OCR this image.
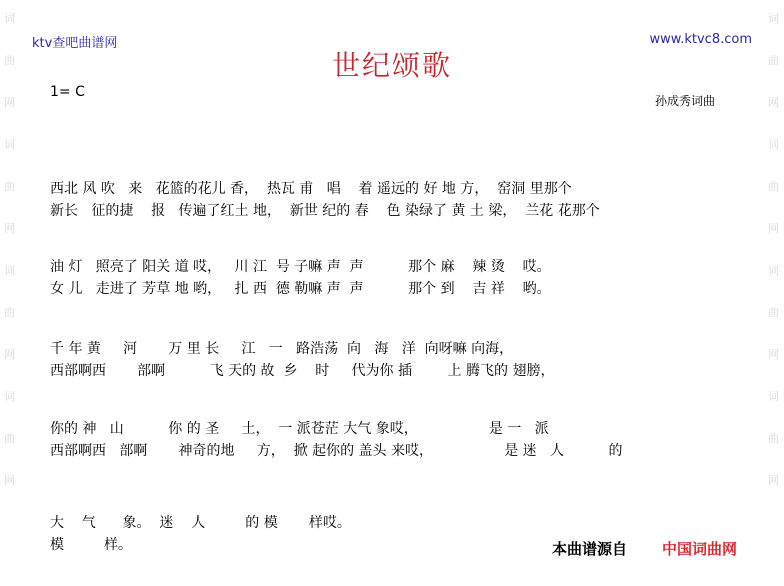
词
曲
网
词
曲
网
词
曲
网
词
曲
网
词
曲
网
词
曲
网
词
曲
网
词
曲
网
ktv查吧曲谱网	www.ktvc8.com
世纪颂歌
1= C
孙成秀词曲
西北 风 吹   来   花篮的花儿 香，  热瓦 甫   唱    着 遥远的 好 地 方，  窑洞 里那个
新长   征的捷    报   传遍了红土 地，  新世 纪的 春    色 染绿了 黄 土 梁，  兰花 花那个
油 灯   照亮了 阳关 道 哎，   川 江  号 子嘛 声  声          那个 麻    辣 烫    哎。
女 儿   走进了 芳草 地 哟，   扎 西  德 勒嘛 声  声          那个 到    吉 祥    哟。
千 年 黄     河       万 里 长     江   一   路浩荡  向   海   洋  向呀嘛 向海，
西部啊西       部啊          飞 天的 故  乡    时     代为你 插        上 腾飞的 翅膀，
你的 神   山          你 的 圣     土，  一 派苍茫 大气 象哎，                是 一   派
西部啊西   部啊       神奇的地     方，  掀 起你的 盖头 来哎，                是 迷   人          的
大    气      象。  迷    人         的 模       样哎。
模         样。	本曲谱源自 中国词曲网
